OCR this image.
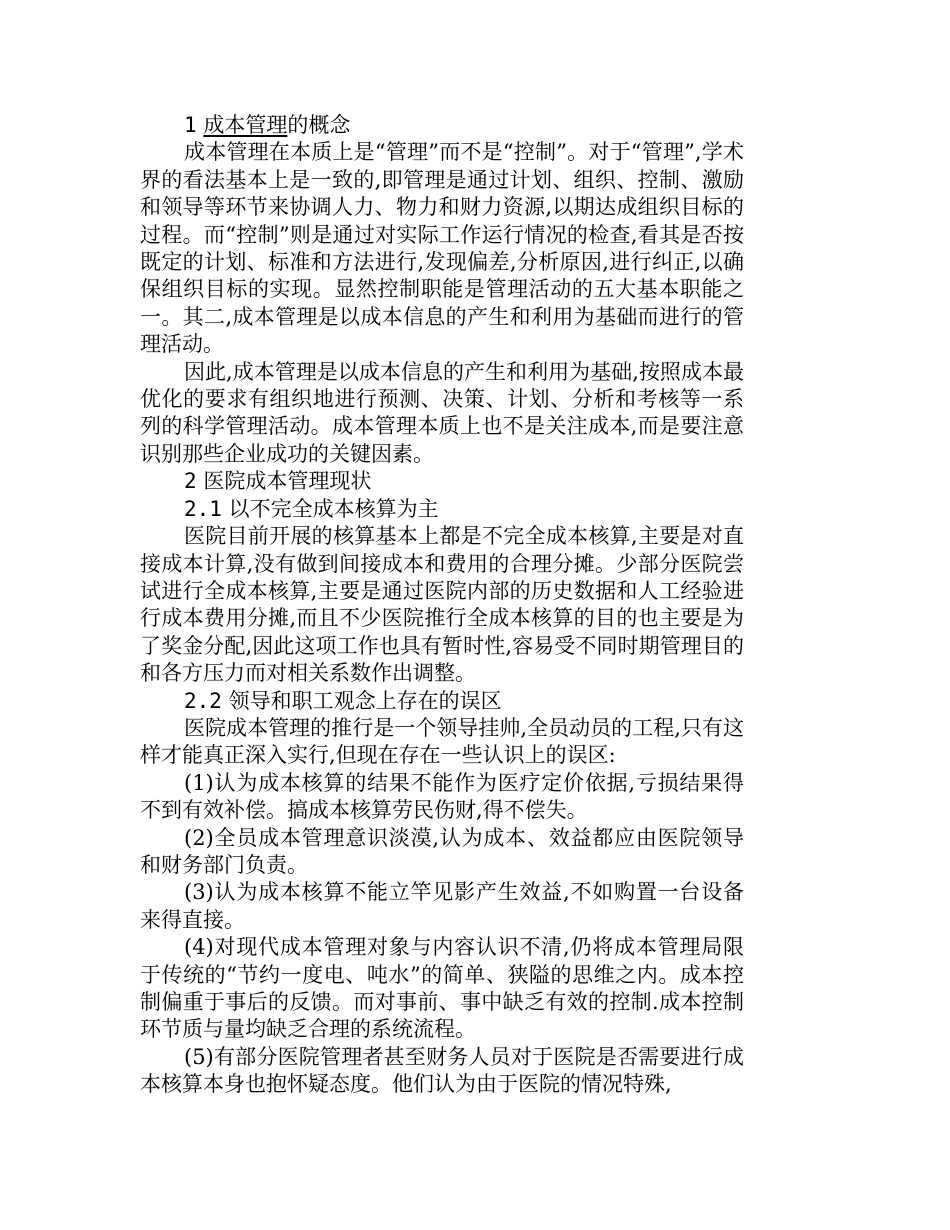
1 成本管理的概念

成本管理在本质上是“管理”而不是“控制”。对于“管理”,学术界的看法基本上是一致的,即管理是通过计划、组织、控制、激励和领导等环节来协调人力、物力和财力资源,以期达成组织目标的过程。而“控制”则是通过对实际工作运行情况的检查,看其是否按既定的计划、标准和方法进行,发现偏差,分析原因,进行纠正,以确保组织目标的实现。显然控制职能是管理活动的五大基本职能之一。其二,成本管理是以成本信息的产生和利用为基础而进行的管理活动。

因此,成本管理是以成本信息的产生和利用为基础,按照成本最优化的要求有组织地进行预测、决策、计划、分析和考核等一系列的科学管理活动。成本管理本质上也不是关注成本,而是要注意识别那些企业成功的关键因素。

2 医院成本管理现状

2.1 以不完全成本核算为主

医院目前开展的核算基本上都是不完全成本核算,主要是对直接成本计算,没有做到间接成本和费用的合理分摊。少部分医院尝试进行全成本核算,主要是通过医院内部的历史数据和人工经验进行成本费用分摊,而且不少医院推行全成本核算的目的也主要是为了奖金分配,因此这项工作也具有暂时性,容易受不同时期管理目的和各方压力而对相关系数作出调整。

2.2 领导和职工观念上存在的误区

医院成本管理的推行是一个领导挂帅,全员动员的工程,只有这样才能真正深入实行,但现在存在一些认识上的误区:

(1)认为成本核算的结果不能作为医疗定价依据,亏损结果得不到有效补偿。搞成本核算劳民伤财,得不偿失。

(2)全员成本管理意识淡漠,认为成本、效益都应由医院领导和财务部门负责。

(3)认为成本核算不能立竿见影产生效益,不如购置一台设备来得直接。

(4)对现代成本管理对象与内容认识不清,仍将成本管理局限于传统的“节约一度电、吨水”的简单、狭隘的思维之内。成本控制偏重于事后的反馈。而对事前、事中缺乏有效的控制.成本控制环节质与量均缺乏合理的系统流程。

(5)有部分医院管理者甚至财务人员对于医院是否需要进行成本核算本身也抱怀疑态度。他们认为由于医院的情况特殊,
